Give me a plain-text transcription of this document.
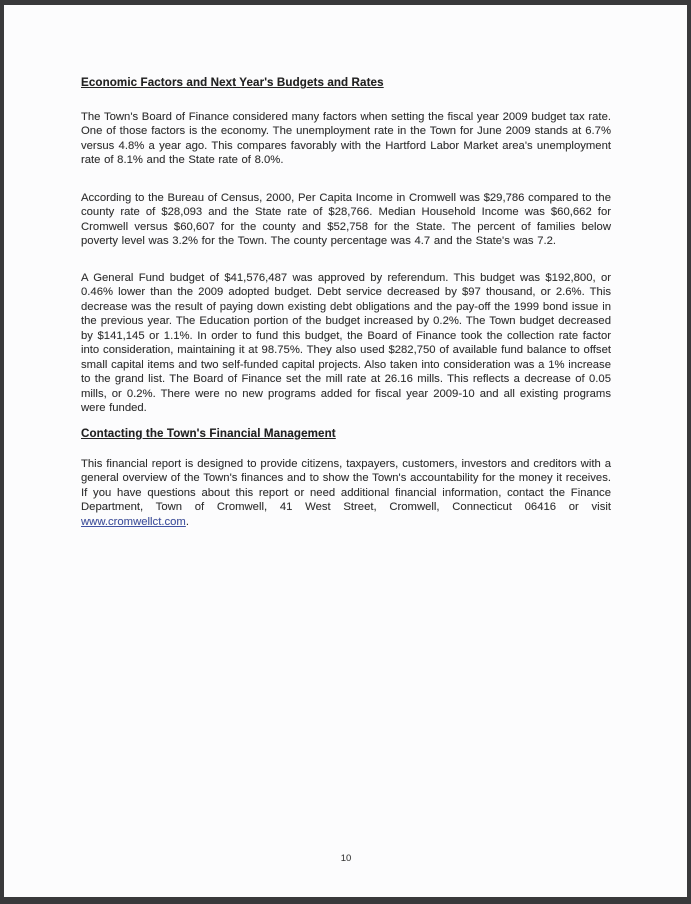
Economic Factors and Next Year's Budgets and Rates
The Town's Board of Finance considered many factors when setting the fiscal year 2009 budget tax rate. One of those factors is the economy. The unemployment rate in the Town for June 2009 stands at 6.7% versus 4.8% a year ago. This compares favorably with the Hartford Labor Market area's unemployment rate of 8.1% and the State rate of 8.0%.
According to the Bureau of Census, 2000, Per Capita Income in Cromwell was $29,786 compared to the county rate of $28,093 and the State rate of $28,766. Median Household Income was $60,662 for Cromwell versus $60,607 for the county and $52,758 for the State. The percent of families below poverty level was 3.2% for the Town. The county percentage was 4.7 and the State's was 7.2.
A General Fund budget of $41,576,487 was approved by referendum. This budget was $192,800, or 0.46% lower than the 2009 adopted budget. Debt service decreased by $97 thousand, or 2.6%. This decrease was the result of paying down existing debt obligations and the pay-off the 1999 bond issue in the previous year. The Education portion of the budget increased by 0.2%. The Town budget decreased by $141,145 or 1.1%. In order to fund this budget, the Board of Finance took the collection rate factor into consideration, maintaining it at 98.75%. They also used $282,750 of available fund balance to offset small capital items and two self-funded capital projects. Also taken into consideration was a 1% increase to the grand list. The Board of Finance set the mill rate at 26.16 mills. This reflects a decrease of 0.05 mills, or 0.2%. There were no new programs added for fiscal year 2009-10 and all existing programs were funded.
Contacting the Town's Financial Management
This financial report is designed to provide citizens, taxpayers, customers, investors and creditors with a general overview of the Town's finances and to show the Town's accountability for the money it receives. If you have questions about this report or need additional financial information, contact the Finance Department, Town of Cromwell, 41 West Street, Cromwell, Connecticut 06416 or visit www.cromwellct.com.
10
